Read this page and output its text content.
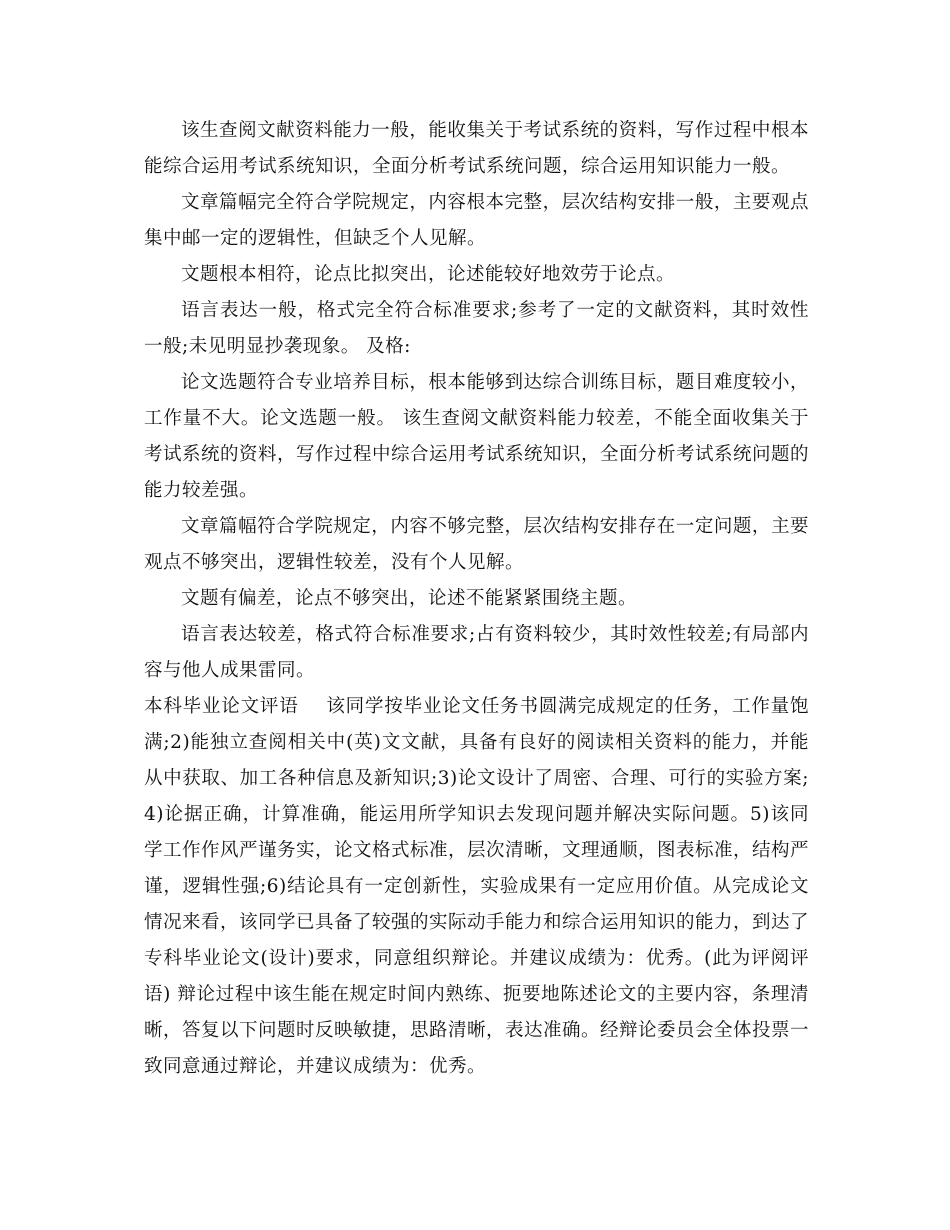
该生查阅文献资料能力一般，能收集关于考试系统的资料，写作过程中根本能综合运用考试系统知识，全面分析考试系统问题，综合运用知识能力一般。

文章篇幅完全符合学院规定，内容根本完整，层次结构安排一般，主要观点集中邮一定的逻辑性，但缺乏个人见解。

文题根本相符，论点比拟突出，论述能较好地效劳于论点。

语言表达一般，格式完全符合标准要求;参考了一定的文献资料，其时效性一般;未见明显抄袭现象。 及格:

论文选题符合专业培养目标，根本能够到达综合训练目标，题目难度较小，工作量不大。论文选题一般。 该生查阅文献资料能力较差，不能全面收集关于考试系统的资料，写作过程中综合运用考试系统知识，全面分析考试系统问题的能力较差强。

文章篇幅符合学院规定，内容不够完整，层次结构安排存在一定问题，主要观点不够突出，逻辑性较差，没有个人见解。

文题有偏差，论点不够突出，论述不能紧紧围绕主题。

语言表达较差，格式符合标准要求;占有资料较少，其时效性较差;有局部内容与他人成果雷同。

本科毕业论文评语 该同学按毕业论文任务书圆满完成规定的任务，工作量饱满;2)能独立查阅相关中(英)文文献，具备有良好的阅读相关资料的能力，并能从中获取、加工各种信息及新知识;3)论文设计了周密、合理、可行的实验方案;4)论据正确，计算准确，能运用所学知识去发现问题并解决实际问题。5)该同学工作作风严谨务实，论文格式标准，层次清晰，文理通顺，图表标准，结构严谨，逻辑性强;6)结论具有一定创新性，实验成果有一定应用价值。从完成论文情况来看，该同学已具备了较强的实际动手能力和综合运用知识的能力，到达了专科毕业论文(设计)要求，同意组织辩论。并建议成绩为：优秀。(此为评阅评语) 辩论过程中该生能在规定时间内熟练、扼要地陈述论文的主要内容，条理清晰，答复以下问题时反映敏捷，思路清晰，表达准确。经辩论委员会全体投票一致同意通过辩论，并建议成绩为：优秀。
